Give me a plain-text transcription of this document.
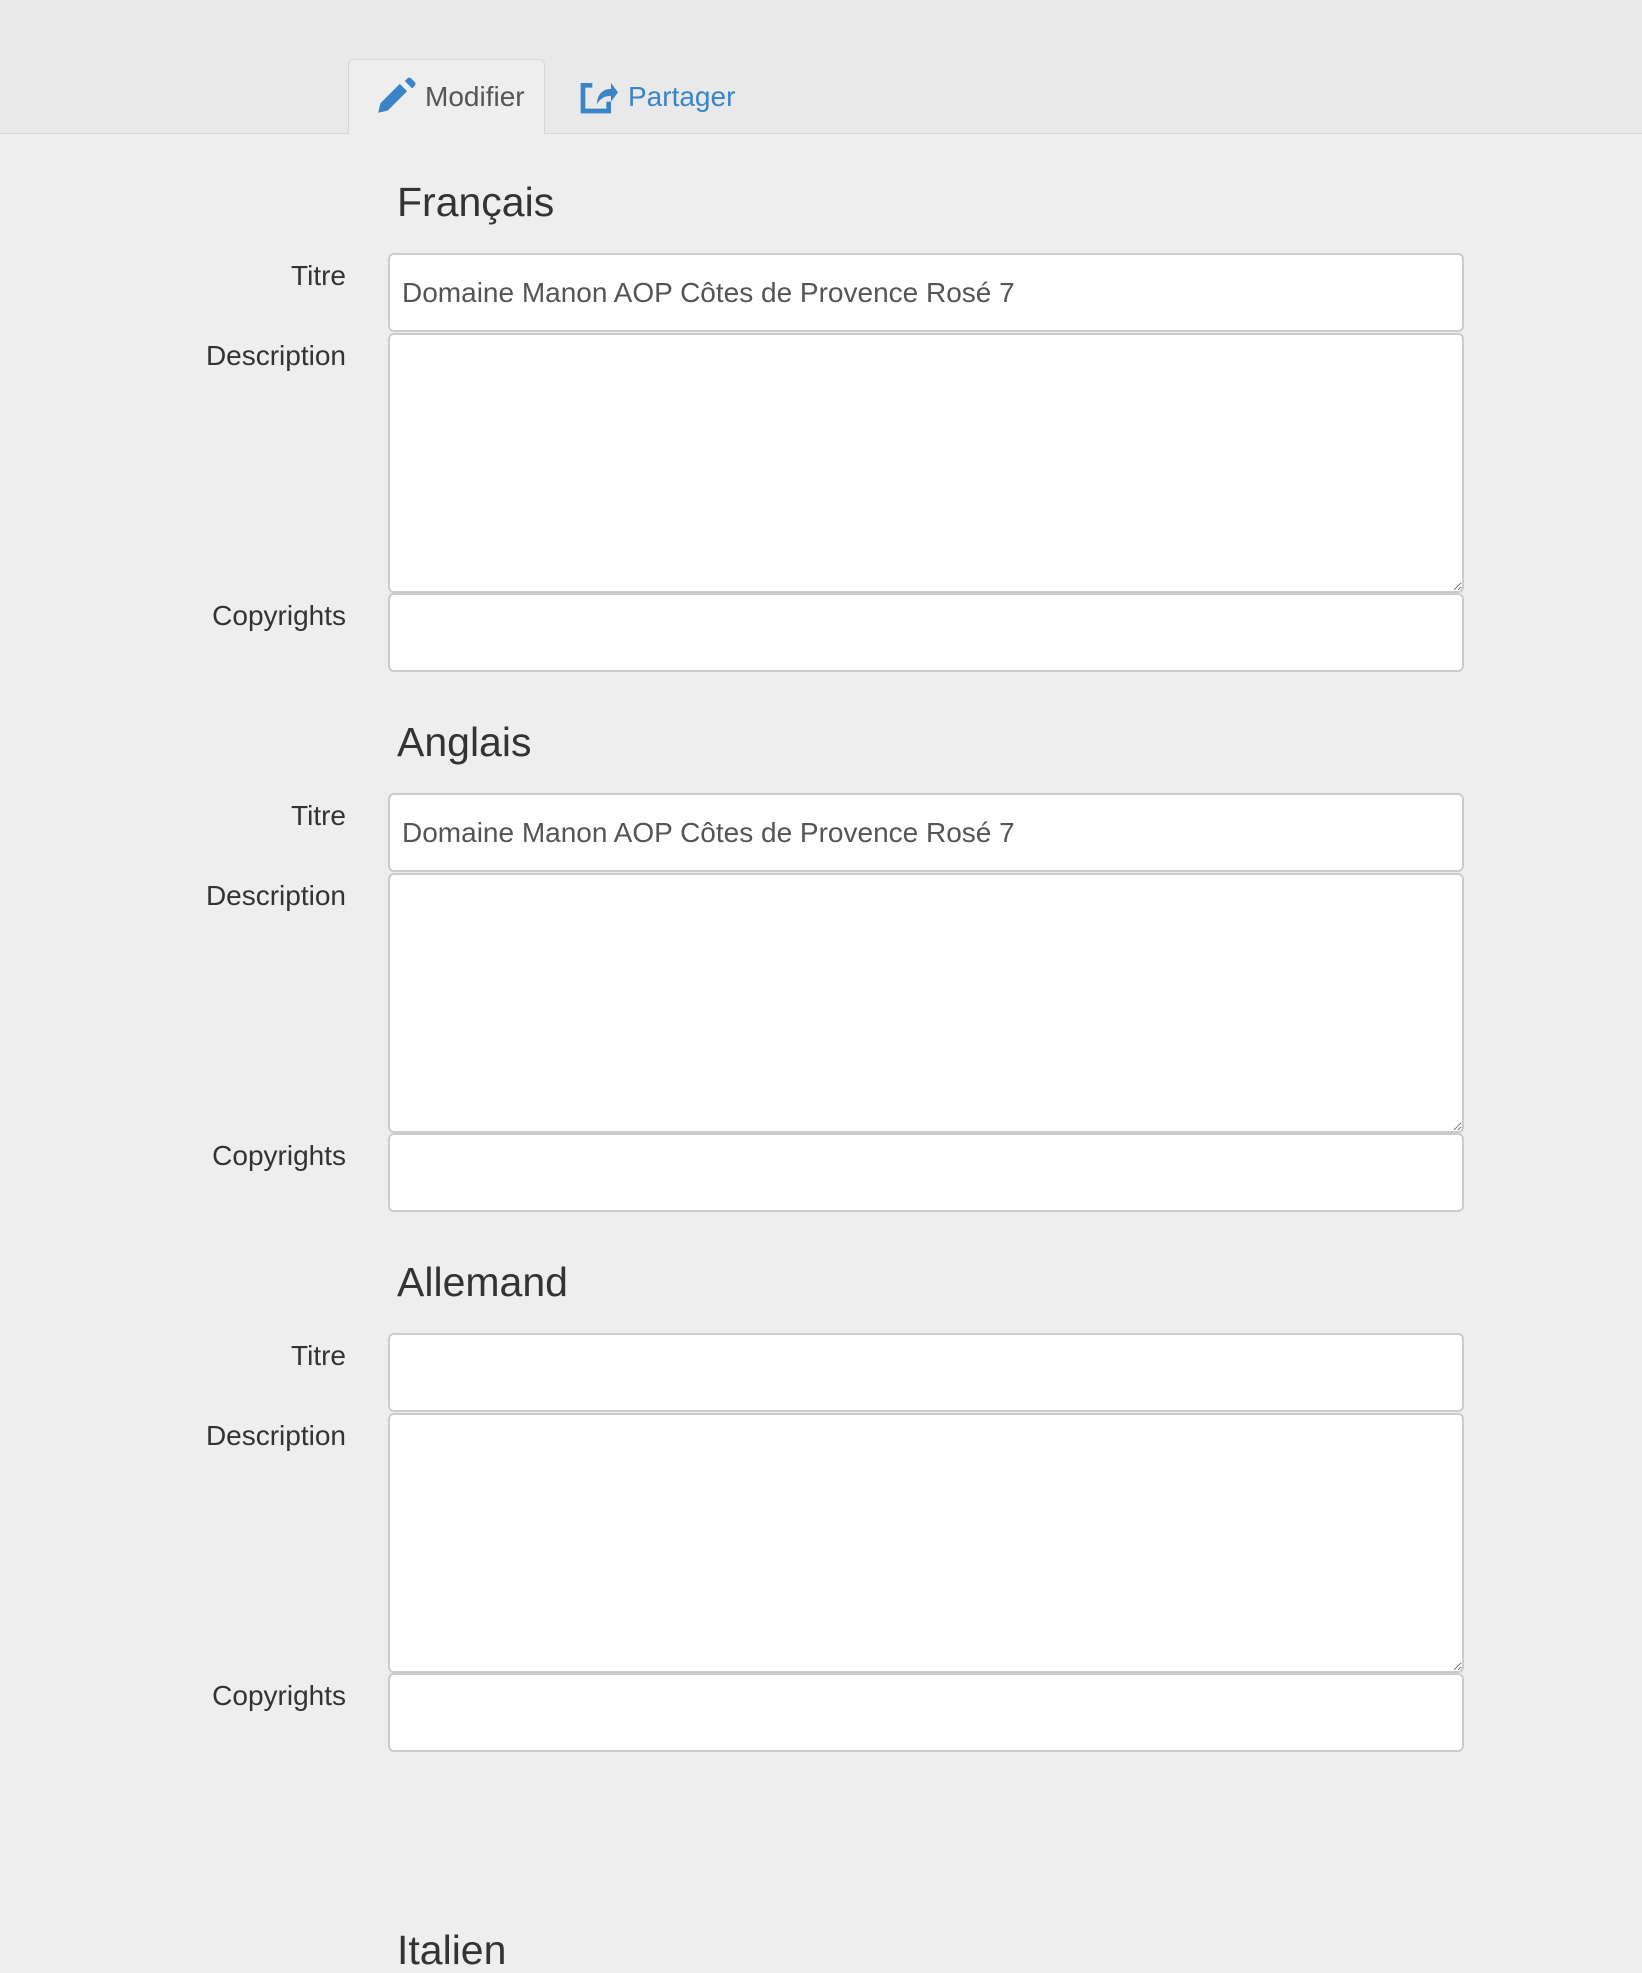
Modifier	Partager
Français
Titre
Domaine Manon AOP Côtes de Provence Rosé 7
Description
Copyrights
Anglais
Titre
Domaine Manon AOP Côtes de Provence Rosé 7
Description
Copyrights
Allemand
Titre
Description
Copyrights
Italien
